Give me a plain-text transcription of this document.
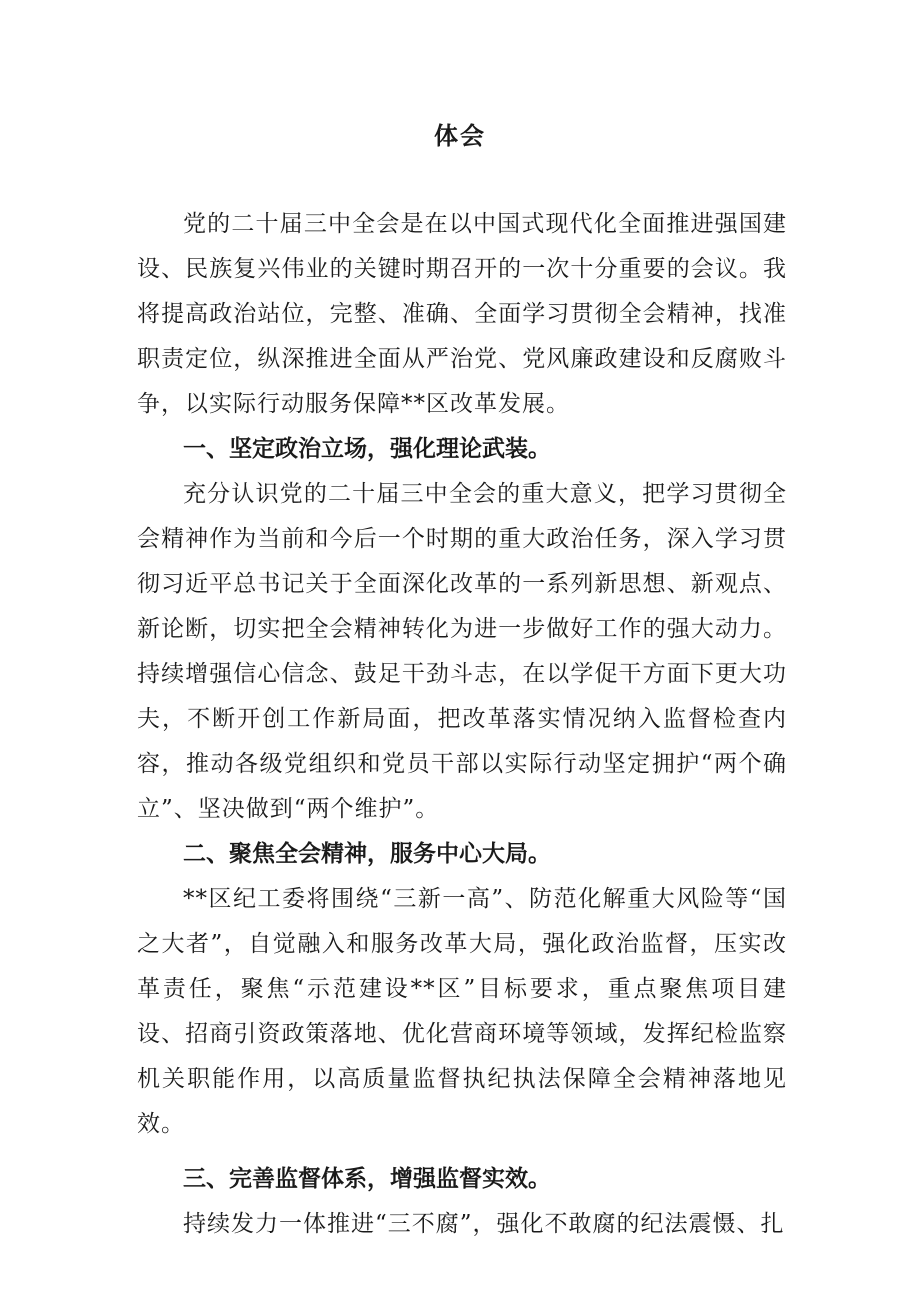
体会

党的二十届三中全会是在以中国式现代化全面推进强国建设、民族复兴伟业的关键时期召开的一次十分重要的会议。我将提高政治站位，完整、准确、全面学习贯彻全会精神，找准职责定位，纵深推进全面从严治党、党风廉政建设和反腐败斗争，以实际行动服务保障**区改革发展。

一、坚定政治立场，强化理论武装。

充分认识党的二十届三中全会的重大意义，把学习贯彻全会精神作为当前和今后一个时期的重大政治任务，深入学习贯彻习近平总书记关于全面深化改革的一系列新思想、新观点、新论断，切实把全会精神转化为进一步做好工作的强大动力。持续增强信心信念、鼓足干劲斗志，在以学促干方面下更大功夫，不断开创工作新局面，把改革落实情况纳入监督检查内容，推动各级党组织和党员干部以实际行动坚定拥护“两个确立”、坚决做到“两个维护”。

二、聚焦全会精神，服务中心大局。

**区纪工委将围绕“三新一高”、防范化解重大风险等“国之大者”，自觉融入和服务改革大局，强化政治监督，压实改革责任，聚焦“示范建设**区”目标要求，重点聚焦项目建设、招商引资政策落地、优化营商环境等领域，发挥纪检监察机关职能作用，以高质量监督执纪执法保障全会精神落地见效。

三、完善监督体系，增强监督实效。

持续发力一体推进“三不腐”，强化不敢腐的纪法震慑、扎
